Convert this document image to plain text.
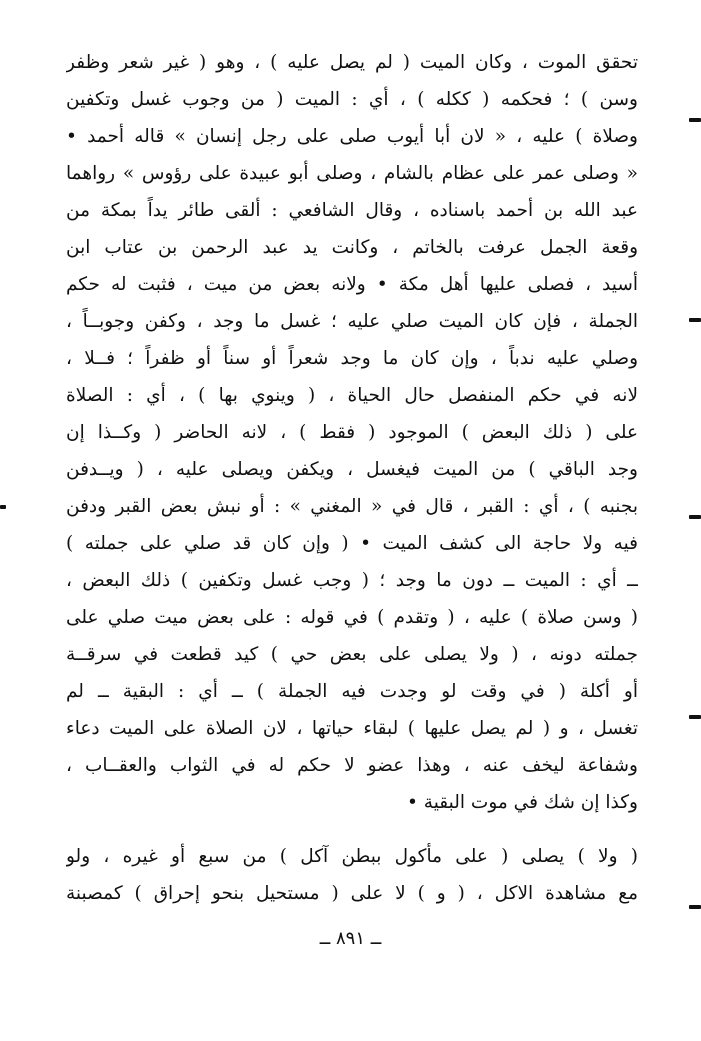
تحقق الموت ، وكان الميت ( لم يصل عليه ) ، وهو ( غير شعر وظفر
وسن ) ؛ فحكمه ( ككله ) ، أي : الميت ( من وجوب غسل وتكفين
وصلاة ) عليه ، « لان أبا أيوب صلى على رجل إنسان » قاله أحمد •
« وصلى عمر على عظام بالشام ، وصلى أبو عبيدة على رؤوس » رواهما
عبد الله بن أحمد باسناده ، وقال الشافعي : ألقى طائر يداً بمكة من
وقعة الجمل عرفت بالخاتم ، وكانت يد عبد الرحمن بن عتاب ابن
أسيد ، فصلى عليها أهل مكة • ولانه بعض من ميت ، فثبت له حكم
الجملة ، فإن كان الميت صلي عليه ؛ غسل ما وجد ، وكفن وجوبــاً ،
وصلي عليه ندباً ، وإن كان ما وجد شعراً أو سناً أو ظفراً ؛ فــلا ،
لانه في حكم المنفصل حال الحياة ، ( وينوي بها ) ، أي : الصلاة
على ( ذلك البعض ) الموجود ( فقط ) ، لانه الحاضر ( وكــذا إن
وجد الباقي ) من الميت فيغسل ، ويكفن ويصلى عليه ، ( ويــدفن
بجنبه ) ، أي : القبر ، قال في « المغني » : أو نبش بعض القبر ودفن
فيه ولا حاجة الى كشف الميت • ( وإن كان قد صلي على جملته )
ــ أي : الميت ــ دون ما وجد ؛ ( وجب غسل وتكفين ) ذلك البعض ،
( وسن صلاة ) عليه ، ( وتقدم ) في قوله : على بعض ميت صلي على
جملته دونه ، ( ولا يصلى على بعض حي ) كيد قطعت في سرقــة
أو أكلة ( في وقت لو وجدت فيه الجملة ) ــ أي : البقية ــ لم
تغسل ، و ( لم يصل عليها ) لبقاء حياتها ، لان الصلاة على الميت دعاء
وشفاعة ليخف عنه ، وهذا عضو لا حكم له في الثواب والعقــاب ،
وكذا إن شك في موت البقية •
( ولا ) يصلى ( على مأكول ببطن آكل ) من سبع أو غيره ، ولو
مع مشاهدة الاكل ، ( و ) لا على ( مستحيل بنحو إحراق ) كمصبنة
ــ ٨٩١ ــ
